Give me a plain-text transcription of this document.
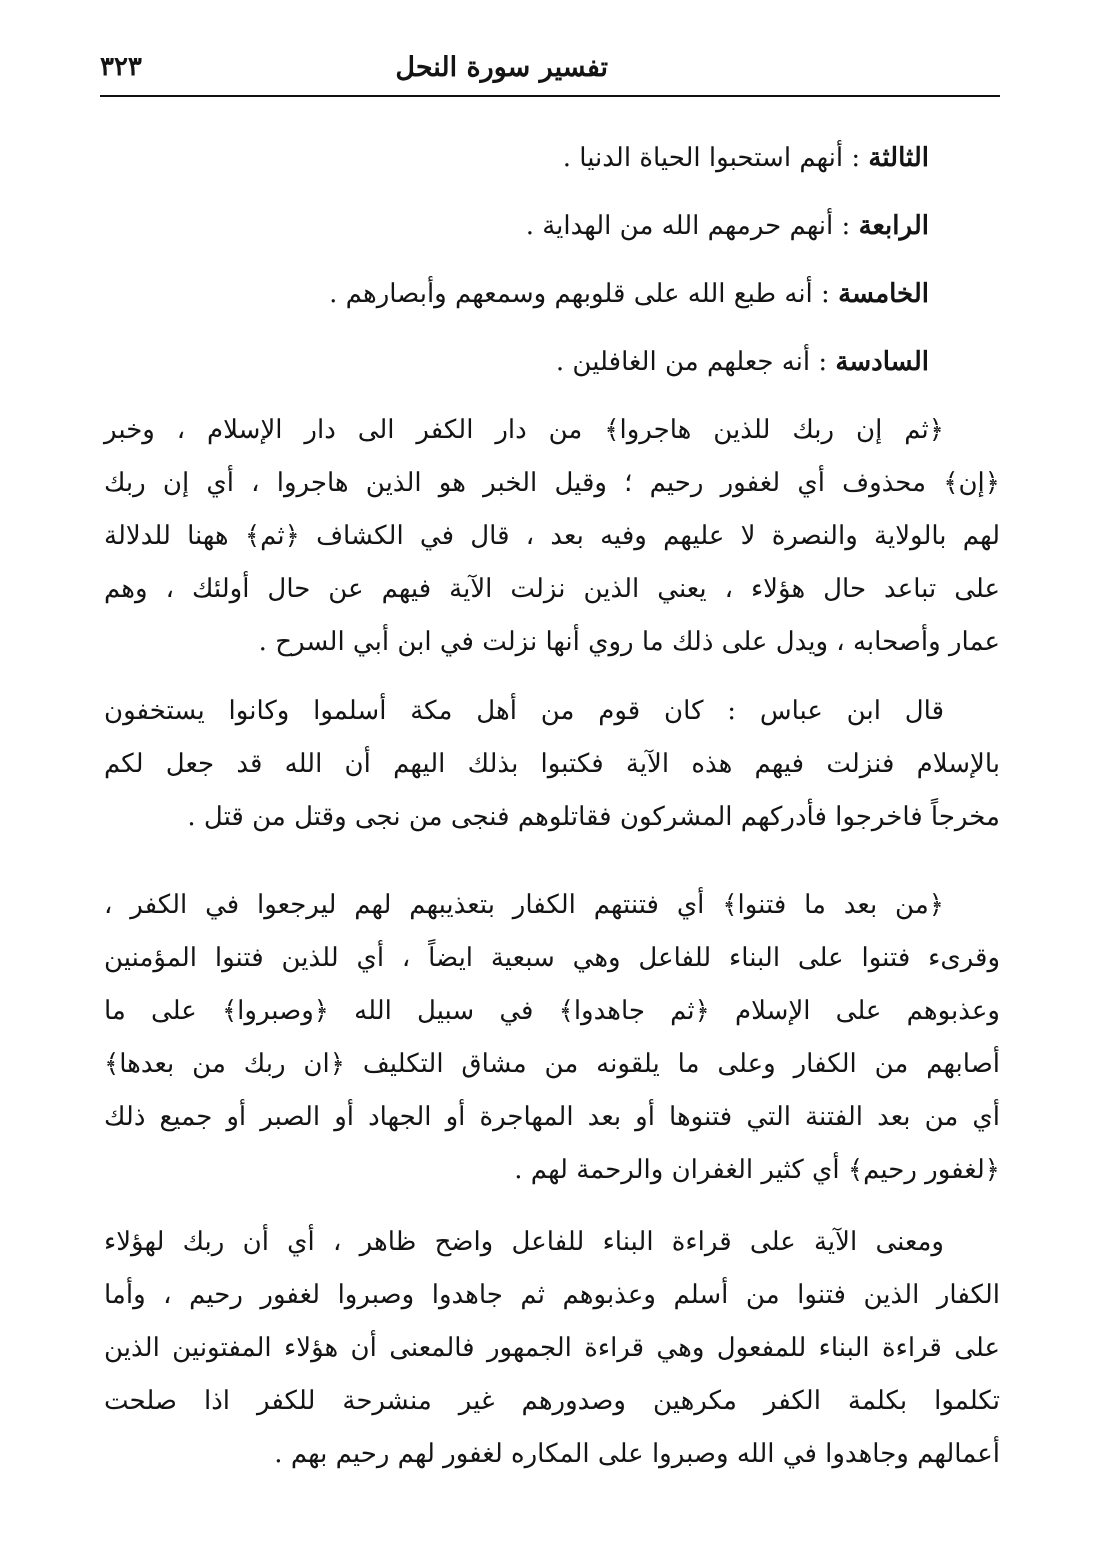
تفسير سورة النحل
٣٢٣
الثالثة : أنهم استحبوا الحياة الدنيا .
الرابعة : أنهم حرمهم الله من الهداية .
الخامسة : أنه طبع الله على قلوبهم وسمعهم وأبصارهم .
السادسة : أنه جعلهم من الغافلين .
﴿ثم إن ربك للذين هاجروا﴾ من دار الكفر الى دار الإسلام ، وخبر
﴿إن﴾ محذوف أي لغفور رحيم ؛ وقيل الخبر هو الذين هاجروا ، أي إن ربك
لهم بالولاية والنصرة لا عليهم وفيه بعد ، قال في الكشاف ﴿ثم﴾ ههنا للدلالة
على تباعد حال هؤلاء ، يعني الذين نزلت الآية فيهم عن حال أولئك ، وهم
عمار وأصحابه ، ويدل على ذلك ما روي أنها نزلت في ابن أبي السرح .
قال ابن عباس : كان قوم من أهل مكة أسلموا وكانوا يستخفون
بالإسلام فنزلت فيهم هذه الآية فكتبوا بذلك اليهم أن الله قد جعل لكم
مخرجاً فاخرجوا فأدركهم المشركون فقاتلوهم فنجى من نجى وقتل من قتل .
﴿من بعد ما فتنوا﴾ أي فتنتهم الكفار بتعذيبهم لهم ليرجعوا في الكفر ،
وقرىء فتنوا على البناء للفاعل وهي سبعية ايضاً ، أي للذين فتنوا المؤمنين
وعذبوهم على الإسلام ﴿ثم جاهدوا﴾ في سبيل الله ﴿وصبروا﴾ على ما
أصابهم من الكفار وعلى ما يلقونه من مشاق التكليف ﴿ان ربك من بعدها﴾
أي من بعد الفتنة التي فتنوها أو بعد المهاجرة أو الجهاد أو الصبر أو جميع ذلك
﴿لغفور رحيم﴾ أي كثير الغفران والرحمة لهم .
ومعنى الآية على قراءة البناء للفاعل واضح ظاهر ، أي أن ربك لهؤلاء
الكفار الذين فتنوا من أسلم وعذبوهم ثم جاهدوا وصبروا لغفور رحيم ، وأما
على قراءة البناء للمفعول وهي قراءة الجمهور فالمعنى أن هؤلاء المفتونين الذين
تكلموا بكلمة الكفر مكرهين وصدورهم غير منشرحة للكفر اذا صلحت
أعمالهم وجاهدوا في الله وصبروا على المكاره لغفور لهم رحيم بهم .
